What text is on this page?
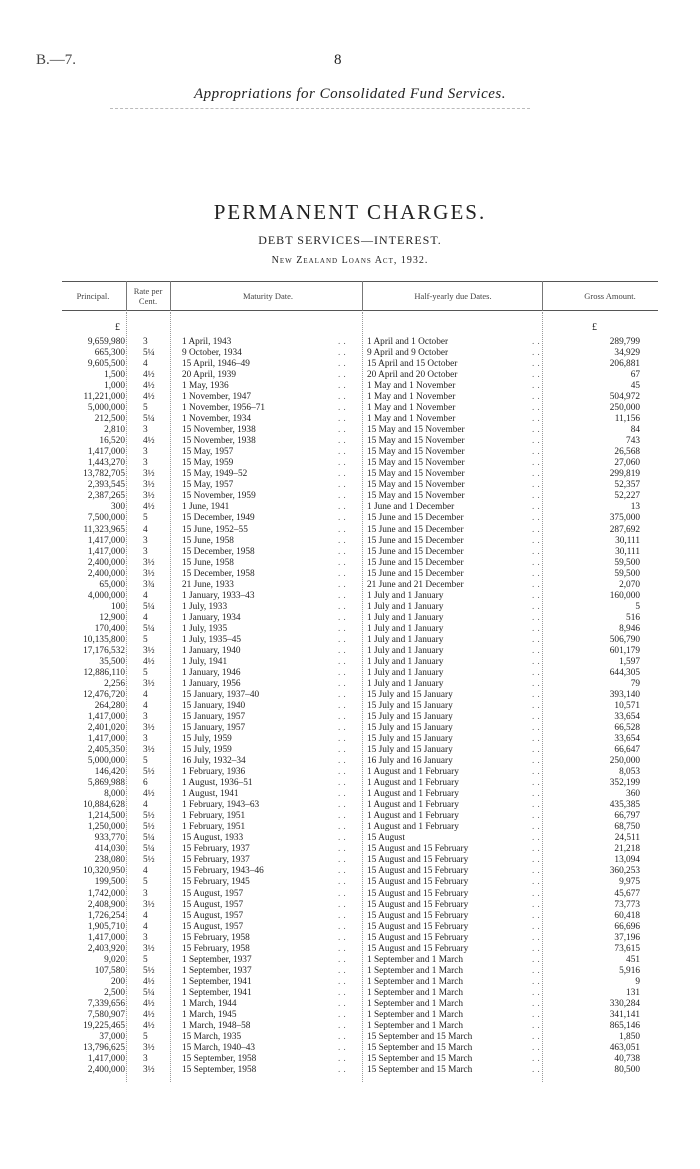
B.—7.	8
Appropriations for Consolidated Fund Services.
PERMANENT CHARGES.
DEBT SERVICES—INTEREST.
New Zealand Loans Act, 1932.
Principal.	Rate per Cent.	Maturity Date.	Half-yearly due Dates.	Gross Amount.
£	£
9,659,980 3	1 April, 1943	1 April and 1 October	289,799
..	..
665,300 5¼	9 October, 1934	9 April and 9 October	34,929
..	..
9,605,500 4	15 April, 1946–49	15 April and 15 October	206,881
..	..
1,500 4½	20 April, 1939	20 April and 20 October	67
..	..
1,000 4½	1 May, 1936	1 May and 1 November	45
..	..
11,221,000 4½	1 November, 1947	1 May and 1 November	504,972
..	..
5,000,000 5	1 November, 1956–71	1 May and 1 November	250,000
..	..
212,500 5¼	1 November, 1934	1 May and 1 November	11,156
..	..
2,810 3	15 November, 1938	15 May and 15 November	84
..	..
16,520 4½	15 November, 1938	15 May and 15 November	743
..	..
1,417,000 3	15 May, 1957	15 May and 15 November	26,568
..	..
1,443,270 3	15 May, 1959	15 May and 15 November	27,060
..	..
13,782,705 3½	15 May, 1949–52	15 May and 15 November	299,819
..	..
2,393,545 3½	15 May, 1957	15 May and 15 November	52,357
..	..
2,387,265 3½	15 November, 1959	15 May and 15 November	52,227
..	..
300 4½	1 June, 1941	1 June and 1 December	13
..	..
7,500,000 5	15 December, 1949	15 June and 15 December	375,000
..	..
11,323,965 4	15 June, 1952–55	15 June and 15 December	287,692
..	..
1,417,000 3	15 June, 1958	15 June and 15 December	30,111
..	..
1,417,000 3	15 December, 1958	15 June and 15 December	30,111
..	..
2,400,000 3½	15 June, 1958	15 June and 15 December	59,500
..	..
2,400,000 3½	15 December, 1958	15 June and 15 December	59,500
..	..
65,000 3¾	21 June, 1933	21 June and 21 December	2,070
..	..
4,000,000 4	1 January, 1933–43	1 July and 1 January	160,000
..	..
100 5¼	1 July, 1933	1 July and 1 January	5
..	..
12,900 4	1 January, 1934	1 July and 1 January	516
..	..
170,400 5¼	1 July, 1935	1 July and 1 January	8,946
..	..
10,135,800 5	1 July, 1935–45	1 July and 1 January	506,790
..	..
17,176,532 3½	1 January, 1940	1 July and 1 January	601,179
..	..
35,500 4½	1 July, 1941	1 July and 1 January	1,597
..	..
12,886,110 5	1 January, 1946	1 July and 1 January	644,305
..	..
2,256 3½	1 January, 1956	1 July and 1 January	79
..	..
12,476,720 4	15 January, 1937–40	15 July and 15 January	393,140
..	..
264,280 4	15 January, 1940	15 July and 15 January	10,571
..	..
1,417,000 3	15 January, 1957	15 July and 15 January	33,654
..	..
2,401,020 3½	15 January, 1957	15 July and 15 January	66,528
..	..
1,417,000 3	15 July, 1959	15 July and 15 January	33,654
..	..
2,405,350 3½	15 July, 1959	15 July and 15 January	66,647
..	..
5,000,000 5	16 July, 1932–34	16 July and 16 January	250,000
..	..
146,420 5½	1 February, 1936	1 August and 1 February	8,053
..	..
5,869,988 6	1 August, 1936–51	1 August and 1 February	352,199
..	..
8,000 4½	1 August, 1941	1 August and 1 February	360
..	..
10,884,628 4	1 February, 1943–63	1 August and 1 February	435,385
..	..
1,214,500 5½	1 February, 1951	1 August and 1 February	66,797
..	..
1,250,000 5½	1 February, 1951	1 August and 1 February	68,750
..	..
933,770 5¼	15 August, 1933	15 August	24,511
..	..
414,030 5¼	15 February, 1937	15 August and 15 February	21,218
..	..
238,080 5½	15 February, 1937	15 August and 15 February	13,094
..	..
10,320,950 4	15 February, 1943–46	15 August and 15 February	360,253
..	..
199,500 5	15 February, 1945	15 August and 15 February	9,975
..	..
1,742,000 3	15 August, 1957	15 August and 15 February	45,677
..	..
2,408,900 3½	15 August, 1957	15 August and 15 February	73,773
..	..
1,726,254 4	15 August, 1957	15 August and 15 February	60,418
..	..
1,905,710 4	15 August, 1957	15 August and 15 February	66,696
..	..
1,417,000 3	15 February, 1958	15 August and 15 February	37,196
..	..
2,403,920 3½	15 February, 1958	15 August and 15 February	73,615
..	..
9,020 5	1 September, 1937	1 September and 1 March	451
..	..
107,580 5½	1 September, 1937	1 September and 1 March	5,916
..	..
200 4½	1 September, 1941	1 September and 1 March	9
..	..
2,500 5¼	1 September, 1941	1 September and 1 March	131
..	..
7,339,656 4½	1 March, 1944	1 September and 1 March	330,284
..	..
7,580,907 4½	1 March, 1945	1 September and 1 March	341,141
..	..
19,225,465 4½	1 March, 1948–58	1 September and 1 March	865,146
..	..
37,000 5	15 March, 1935	15 September and 15 March	1,850
..	..
13,796,625 3½	15 March, 1940–43	15 September and 15 March	463,051
..	..
1,417,000 3	15 September, 1958	15 September and 15 March	40,738
..	..
2,400,000 3½	15 September, 1958	15 September and 15 March	80,500
..	..
